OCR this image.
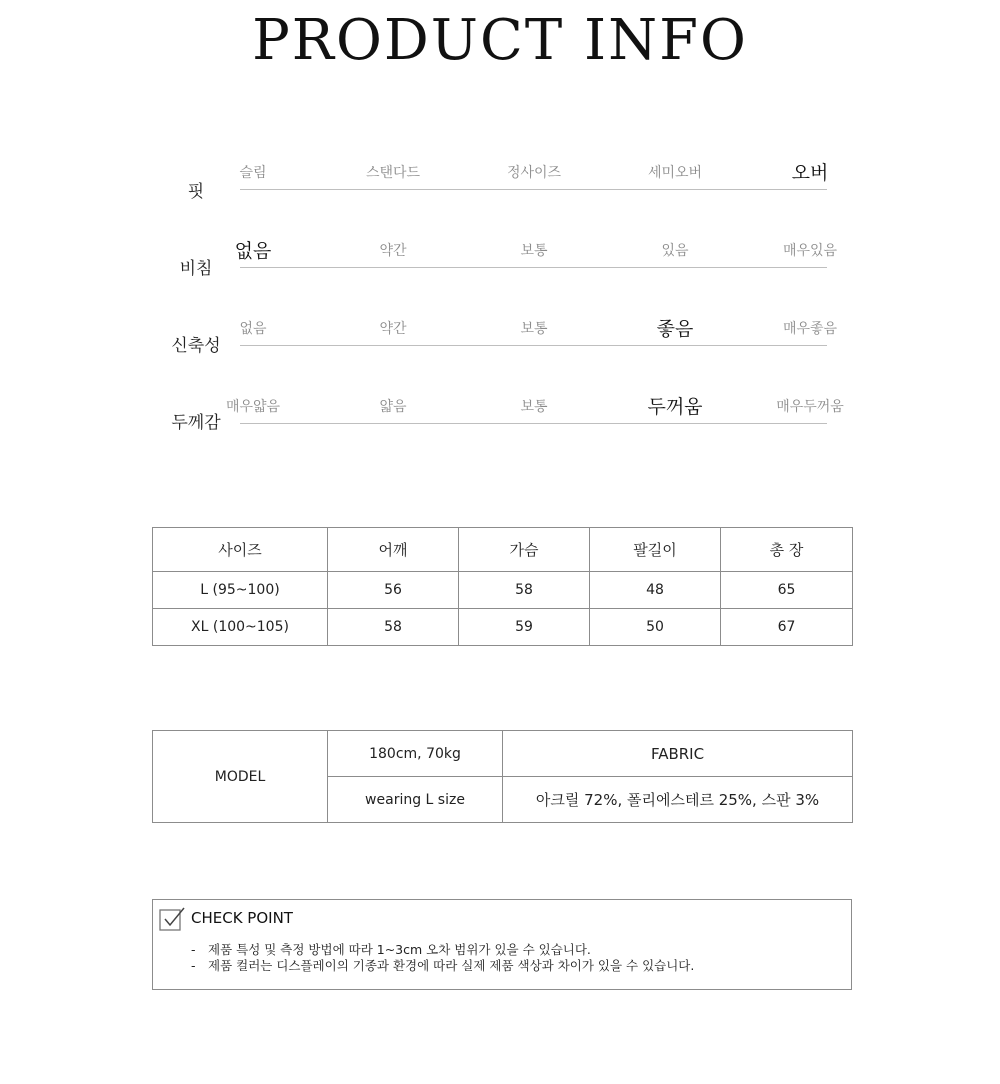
PRODUCT INFO
핏
슬림	스탠다드	정사이즈	세미오버	오버
비침
없음	약간	보통	있음	매우있음
신축성
없음	약간	보통	좋음	매우좋음
두께감
매우얇음	얇음	보통	두꺼움	매우두꺼움
사이즈	어깨	가슴	팔길이	총 장
L (95~100)	56	58	48	65
XL (100~105)	58	59	50	67
MODEL	180cm, 70kg	FABRIC
	wearing L size	아크릴 72%, 폴리에스테르 25%, 스판 3%
CHECK POINT
- 제품 특성 및 측정 방법에 따라 1~3cm 오차 범위가 있을 수 있습니다.
- 제품 컬러는 디스플레이의 기종과 환경에 따라 실제 제품 색상과 차이가 있을 수 있습니다.
